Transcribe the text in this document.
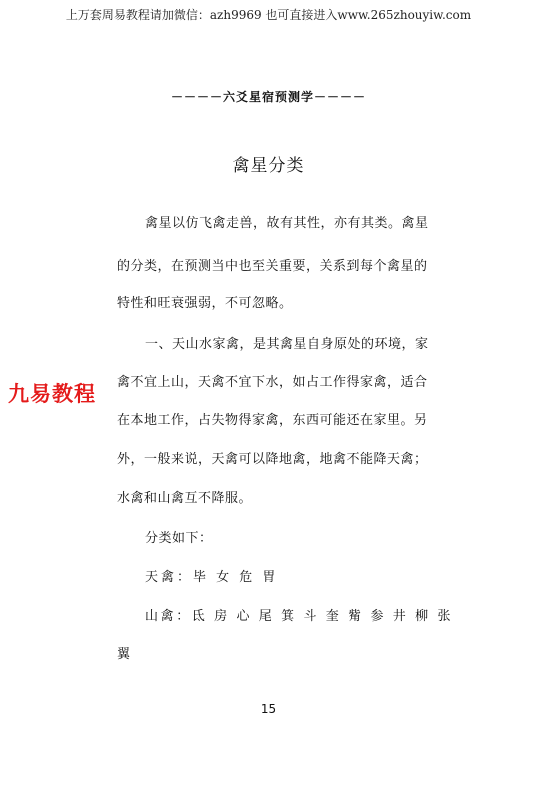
上万套周易教程请加微信：azh9969 也可直接进入www.265zhouyiw.com
－－－－六爻星宿预测学－－－－
禽星分类
九易教程
禽星以仿飞禽走兽，故有其性，亦有其类。禽星
的分类，在预测当中也至关重要，关系到每个禽星的
特性和旺衰强弱，不可忽略。
一、天山水家禽，是其禽星自身原处的环境，家
禽不宜上山，天禽不宜下水，如占工作得家禽，适合
在本地工作，占失物得家禽，东西可能还在家里。另
外，一般来说，天禽可以降地禽，地禽不能降天禽；
水禽和山禽互不降服。
分类如下：
天禽：毕 女 危 胃
山禽：氐 房 心 尾 箕 斗 奎 觜 参 井 柳 张
翼
15
